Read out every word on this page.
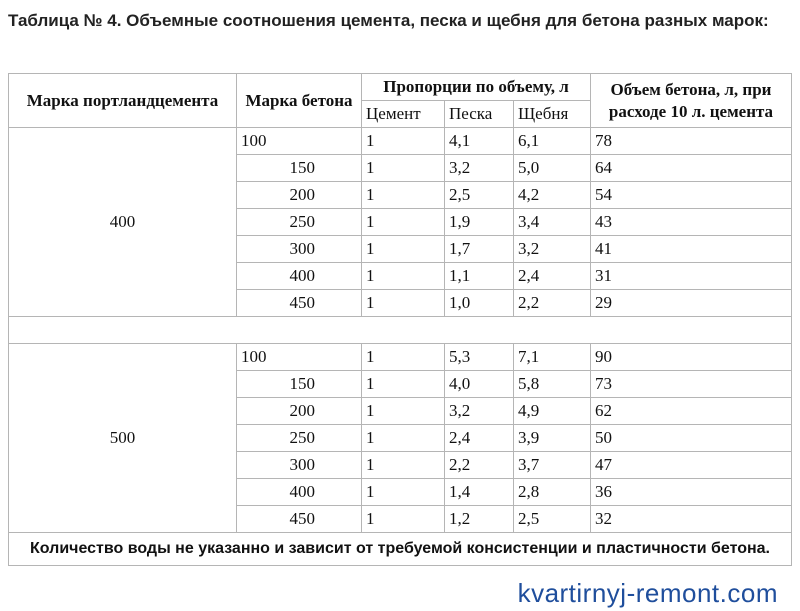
Таблица № 4. Объемные соотношения цемента, песка и щебня для бетона разных марок:
Марка портландцемента	Марка бетона	Пропорции по объему, л			Объем бетона, л, при расходе 10 л. цемента
		Цемент	Песка	Щебня	
400	100	1	4,1	6,1	78
	150	1	3,2	5,0	64
	200	1	2,5	4,2	54
	250	1	1,9	3,4	43
	300	1	1,7	3,2	41
	400	1	1,1	2,4	31
	450	1	1,0	2,2	29

500	100	1	5,3	7,1	90
	150	1	4,0	5,8	73
	200	1	3,2	4,9	62
	250	1	2,4	3,9	50
	300	1	2,2	3,7	47
	400	1	1,4	2,8	36
	450	1	1,2	2,5	32
Количество воды не указанно и зависит от требуемой консистенции и пластичности бетона.					
kvartirnyj-remont.com
